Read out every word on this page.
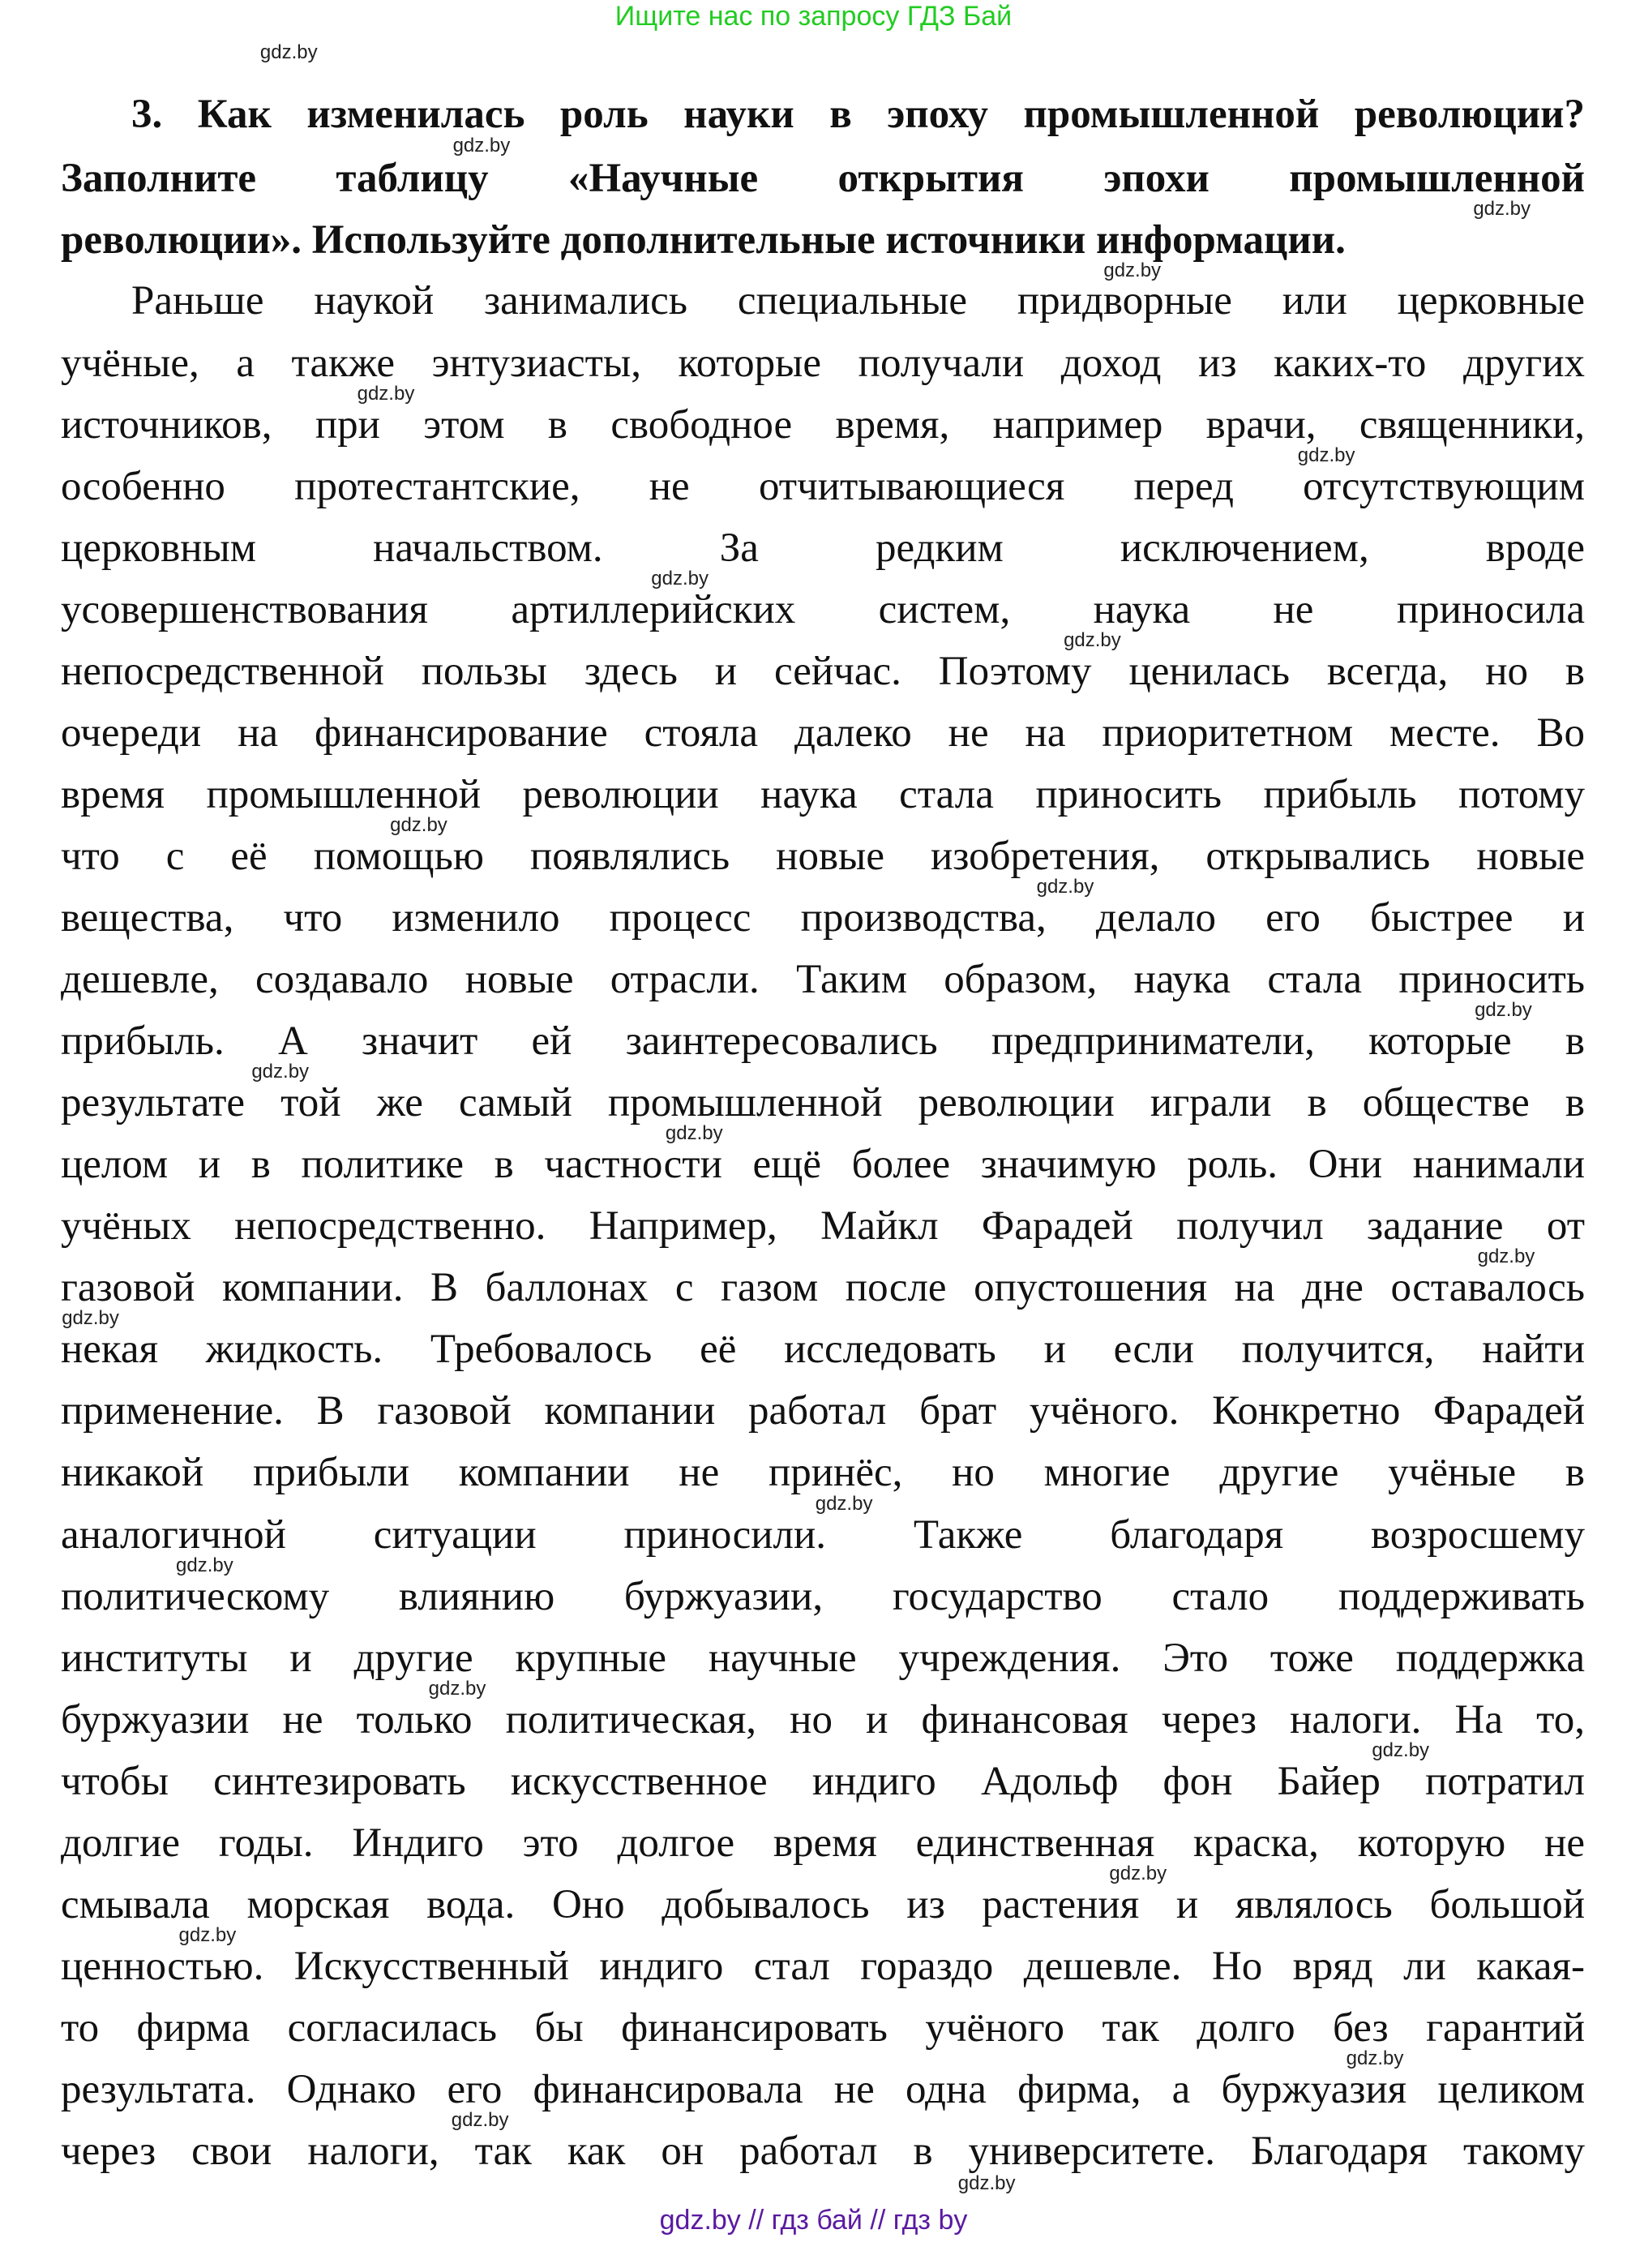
Ищите нас по запросу ГДЗ Бай
3. Как изменилась роль науки в эпоху промышленной революции?
Заполните таблицу «Научные открытия эпохи промышленной
революции». Используйте дополнительные источники информации.
Раньше наукой занимались специальные придворные или церковные
учёные, а также энтузиасты, которые получали доход из каких-то других
источников, при этом в свободное время, например врачи, священники,
особенно протестантские, не отчитывающиеся перед отсутствующим
церковным начальством. За редким исключением, вроде
усовершенствования артиллерийских систем, наука не приносила
непосредственной пользы здесь и сейчас. Поэтому ценилась всегда, но в
очереди на финансирование стояла далеко не на приоритетном месте. Во
время промышленной революции наука стала приносить прибыль потому
что с её помощью появлялись новые изобретения, открывались новые
вещества, что изменило процесс производства, делало его быстрее и
дешевле, создавало новые отрасли. Таким образом, наука стала приносить
прибыль. А значит ей заинтересовались предприниматели, которые в
результате той же самый промышленной революции играли в обществе в
целом и в политике в частности ещё более значимую роль. Они нанимали
учёных непосредственно. Например, Майкл Фарадей получил задание от
газовой компании. В баллонах с газом после опустошения на дне оставалось
некая жидкость. Требовалось её исследовать и если получится, найти
применение. В газовой компании работал брат учёного. Конкретно Фарадей
никакой прибыли компании не принёс, но многие другие учёные в
аналогичной ситуации приносили. Также благодаря возросшему
политическому влиянию буржуазии, государство стало поддерживать
институты и другие крупные научные учреждения. Это тоже поддержка
буржуазии не только политическая, но и финансовая через налоги. На то,
чтобы синтезировать искусственное индиго Адольф фон Байер потратил
долгие годы. Индиго это долгое время единственная краска, которую не
смывала морская вода. Оно добывалось из растения и являлось большой
ценностью. Искусственный индиго стал гораздо дешевле. Но вряд ли какая-
то фирма согласилась бы финансировать учёного так долго без гарантий
результата. Однако его финансировала не одна фирма, а буржуазия целиком
через свои налоги, так как он работал в университете. Благодаря такому
gdz.by
gdz.by
gdz.by
gdz.by
gdz.by
gdz.by
gdz.by
gdz.by
gdz.by
gdz.by
gdz.by
gdz.by
gdz.by
gdz.by
gdz.by
gdz.by
gdz.by
gdz.by
gdz.by
gdz.by
gdz.by
gdz.by
gdz.by
gdz.by
gdz.by // гдз бай // гдз by
